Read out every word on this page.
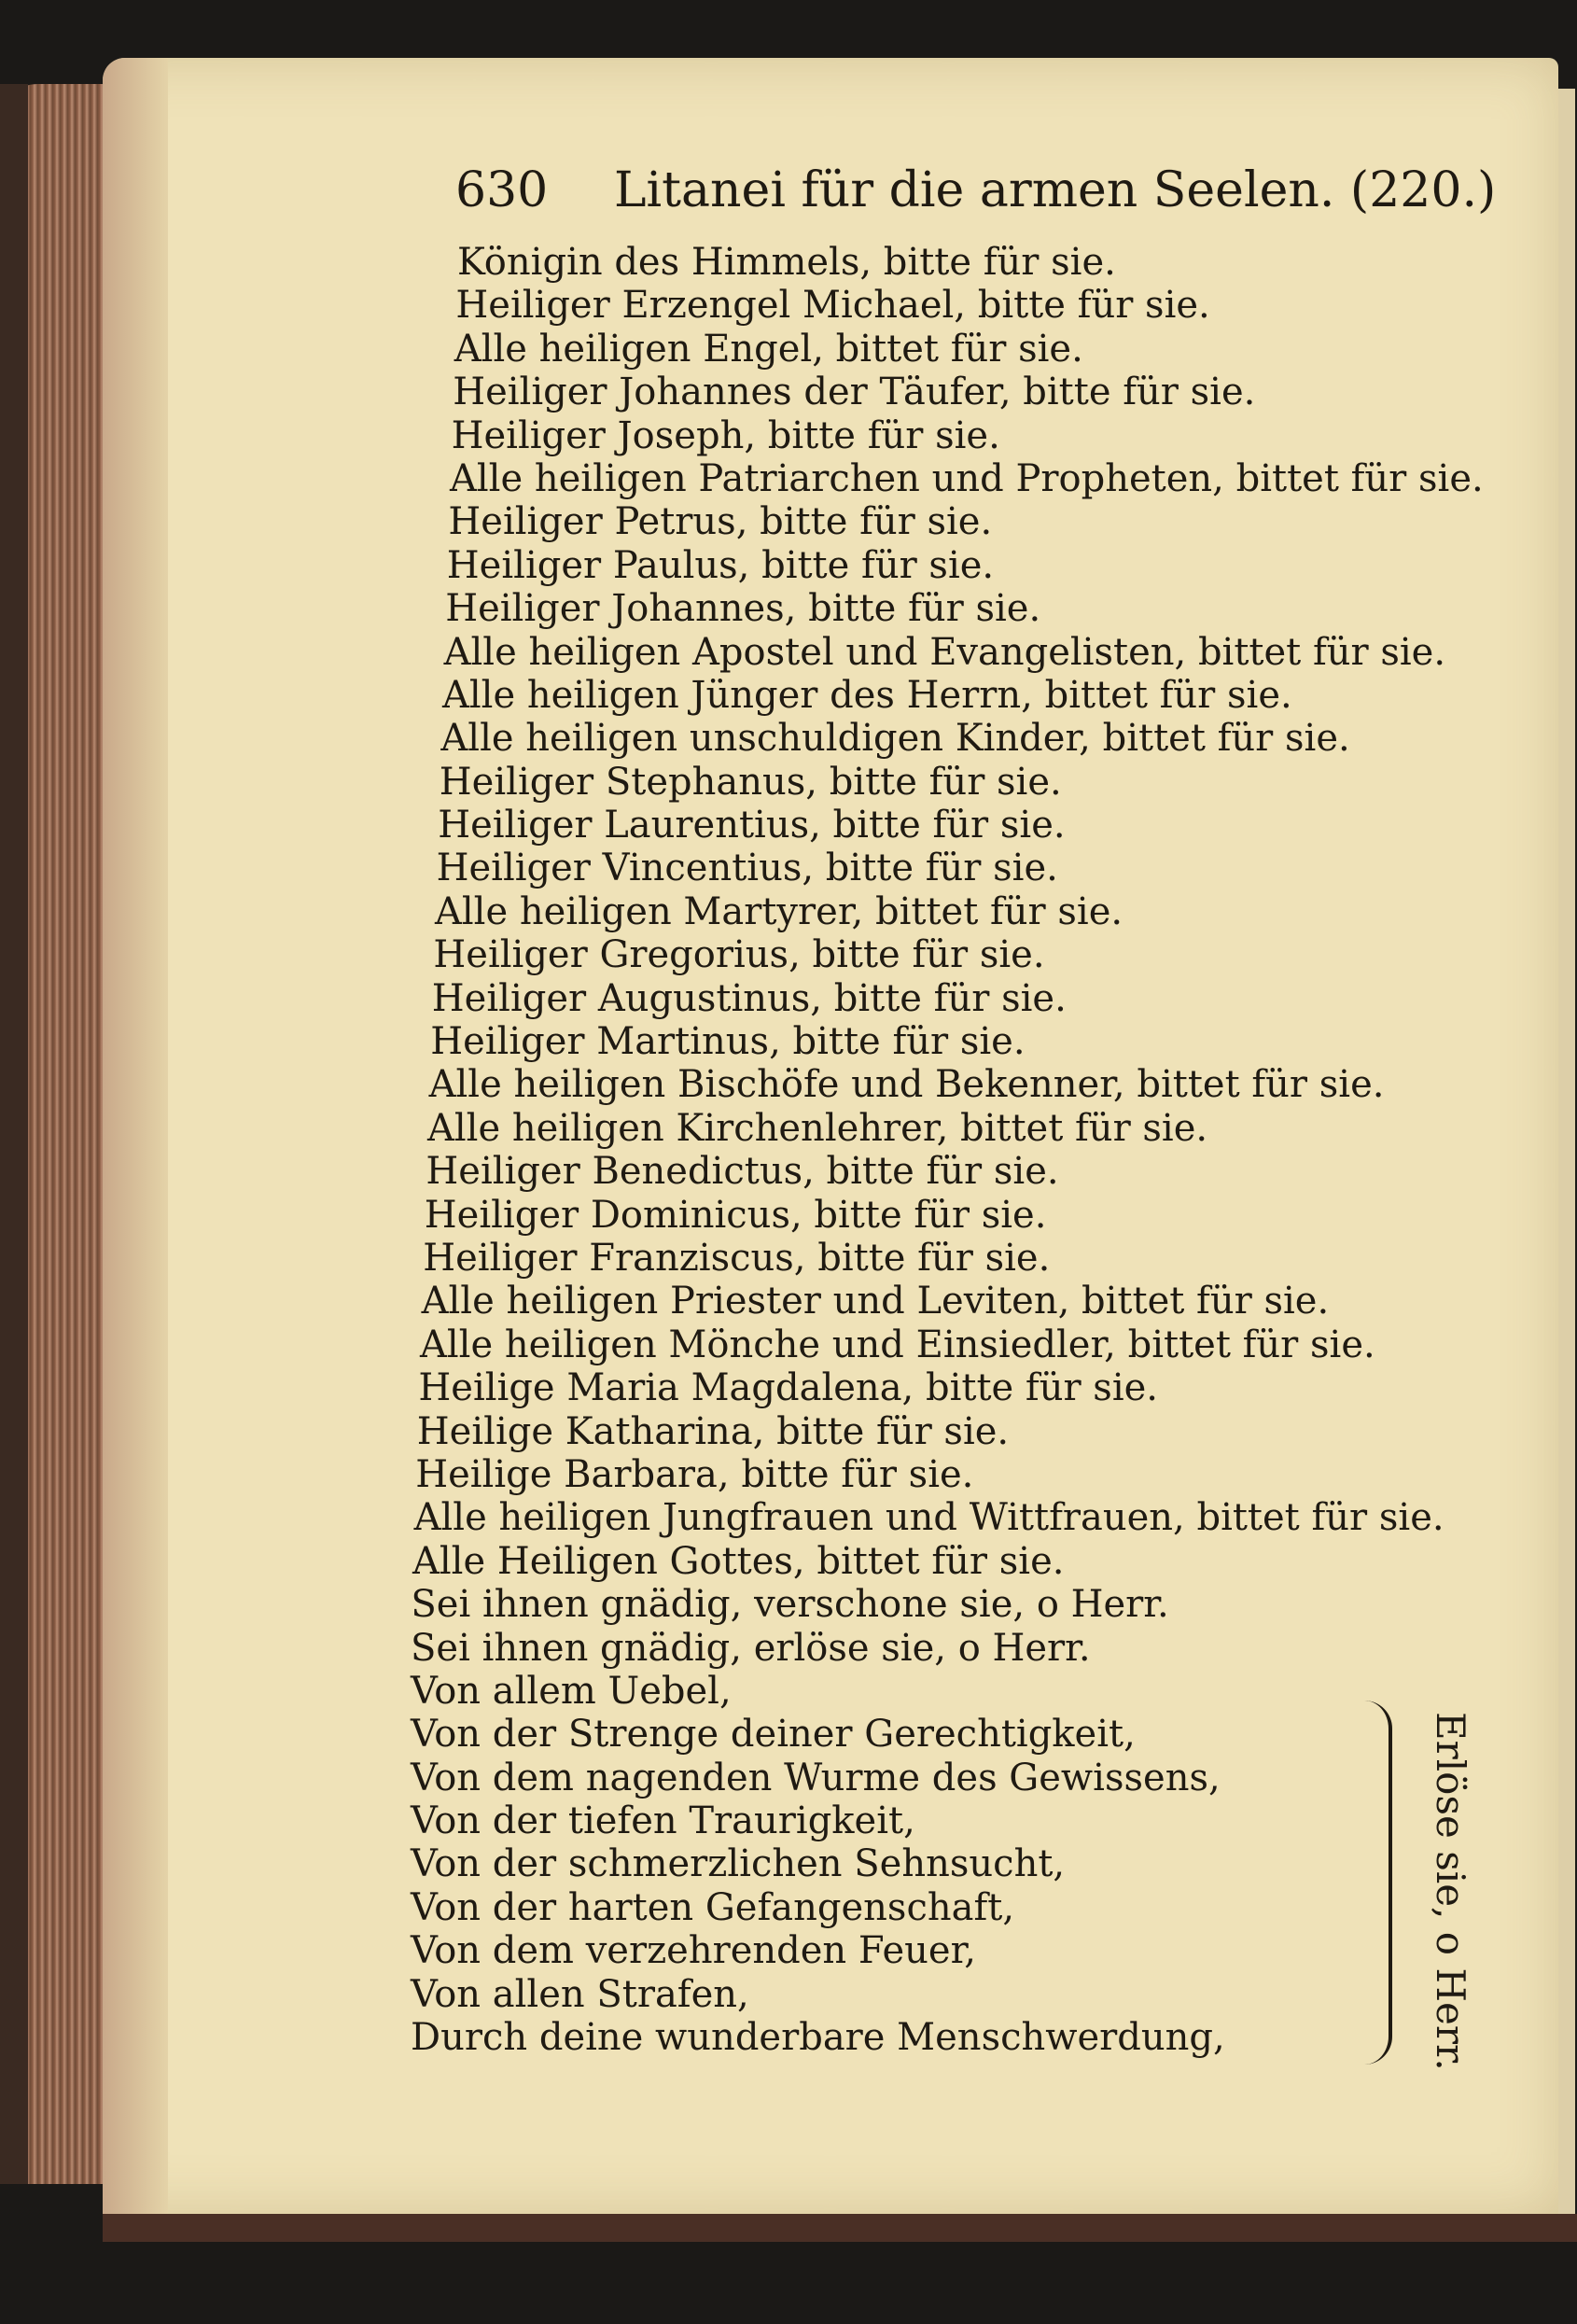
630 Litanei für die armen Seelen. (220.)
Königin des Himmels, bitte für sie.
Heiliger Erzengel Michael, bitte für sie.
Alle heiligen Engel, bittet für sie.
Heiliger Johannes der Täufer, bitte für sie.
Heiliger Joseph, bitte für sie.
Alle heiligen Patriarchen und Propheten, bittet für sie.
Heiliger Petrus, bitte für sie.
Heiliger Paulus, bitte für sie.
Heiliger Johannes, bitte für sie.
Alle heiligen Apostel und Evangelisten, bittet für sie.
Alle heiligen Jünger des Herrn, bittet für sie.
Alle heiligen unschuldigen Kinder, bittet für sie.
Heiliger Stephanus, bitte für sie.
Heiliger Laurentius, bitte für sie.
Heiliger Vincentius, bitte für sie.
Alle heiligen Martyrer, bittet für sie.
Heiliger Gregorius, bitte für sie.
Heiliger Augustinus, bitte für sie.
Heiliger Martinus, bitte für sie.
Alle heiligen Bischöfe und Bekenner, bittet für sie.
Alle heiligen Kirchenlehrer, bittet für sie.
Heiliger Benedictus, bitte für sie.
Heiliger Dominicus, bitte für sie.
Heiliger Franziscus, bitte für sie.
Alle heiligen Priester und Leviten, bittet für sie.
Alle heiligen Mönche und Einsiedler, bittet für sie.
Heilige Maria Magdalena, bitte für sie.
Heilige Katharina, bitte für sie.
Heilige Barbara, bitte für sie.
Alle heiligen Jungfrauen und Wittfrauen, bittet für sie.
Alle Heiligen Gottes, bittet für sie.
Sei ihnen gnädig, verschone sie, o Herr.
Sei ihnen gnädig, erlöse sie, o Herr.
Von allem Uebel,
Von der Strenge deiner Gerechtigkeit,
Von dem nagenden Wurme des Gewissens,
Von der tiefen Traurigkeit,
Von der schmerzlichen Sehnsucht,
Von der harten Gefangenschaft,
Von dem verzehrenden Feuer,
Von allen Strafen,
Durch deine wunderbare Menschwerdung,	Erlöse sie, o Herr.
